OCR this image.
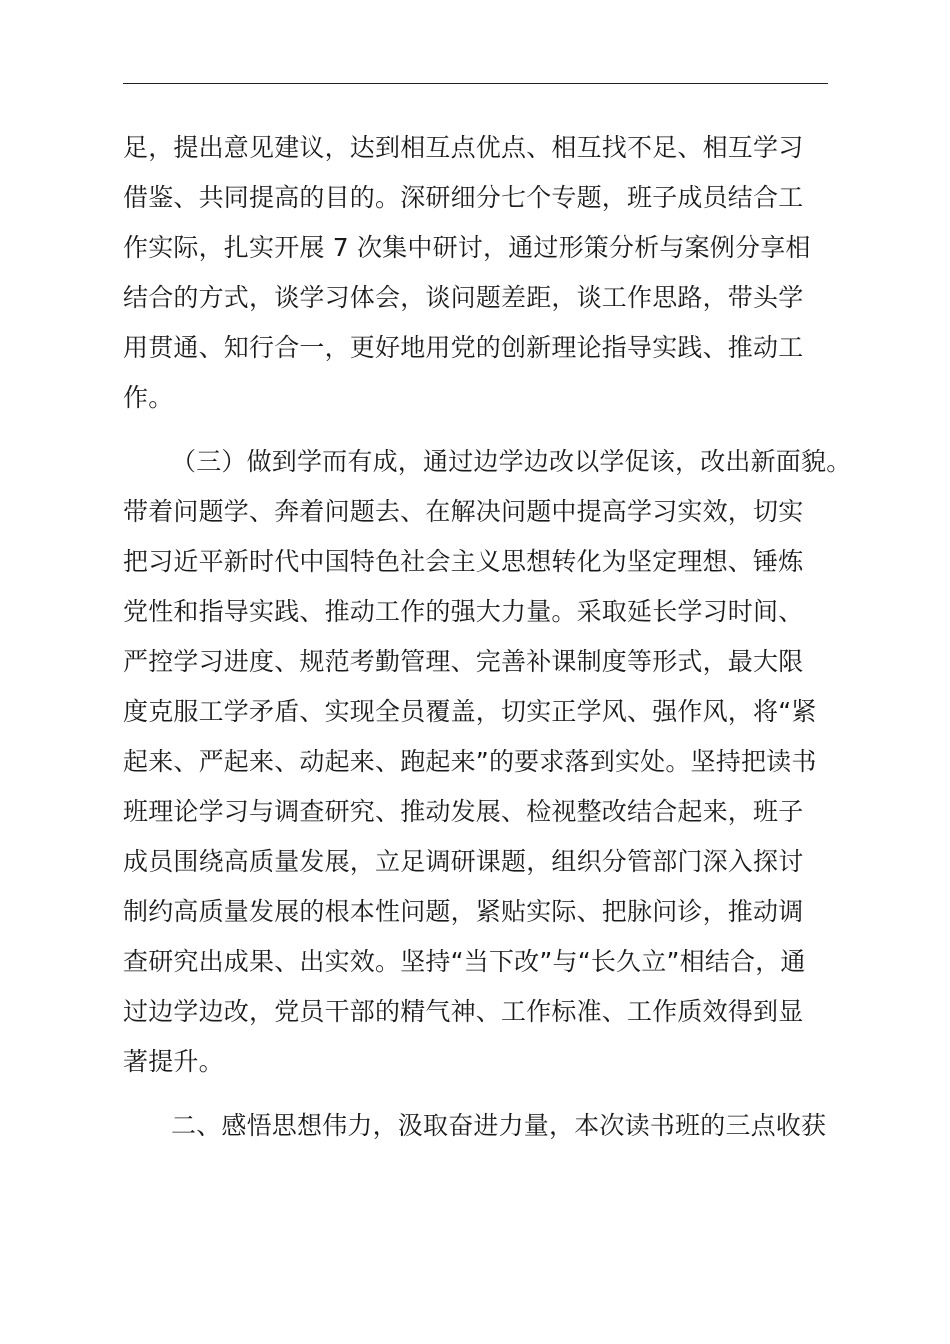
足，提出意见建议，达到相互点优点、相互找不足、相互学习
借鉴、共同提高的目的。深研细分七个专题，班子成员结合工
作实际，扎实开展 7 次集中研讨，通过形策分析与案例分享相
结合的方式，谈学习体会，谈问题差距，谈工作思路，带头学
用贯通、知行合一，更好地用党的创新理论指导实践、推动工
作。

（三）做到学而有成，通过边学边改以学促该，改出新面貌。
带着问题学、奔着问题去、在解决问题中提高学习实效，切实
把习近平新时代中国特色社会主义思想转化为坚定理想、锤炼
党性和指导实践、推动工作的强大力量。采取延长学习时间、
严控学习进度、规范考勤管理、完善补课制度等形式，最大限
度克服工学矛盾、实现全员覆盖，切实正学风、强作风，将“紧
起来、严起来、动起来、跑起来”的要求落到实处。坚持把读书
班理论学习与调查研究、推动发展、检视整改结合起来，班子
成员围绕高质量发展，立足调研课题，组织分管部门深入探讨
制约高质量发展的根本性问题，紧贴实际、把脉问诊，推动调
查研究出成果、出实效。坚持“当下改”与“长久立”相结合，通
过边学边改，党员干部的精气神、工作标准、工作质效得到显
著提升。

二、感悟思想伟力，汲取奋进力量，本次读书班的三点收获
